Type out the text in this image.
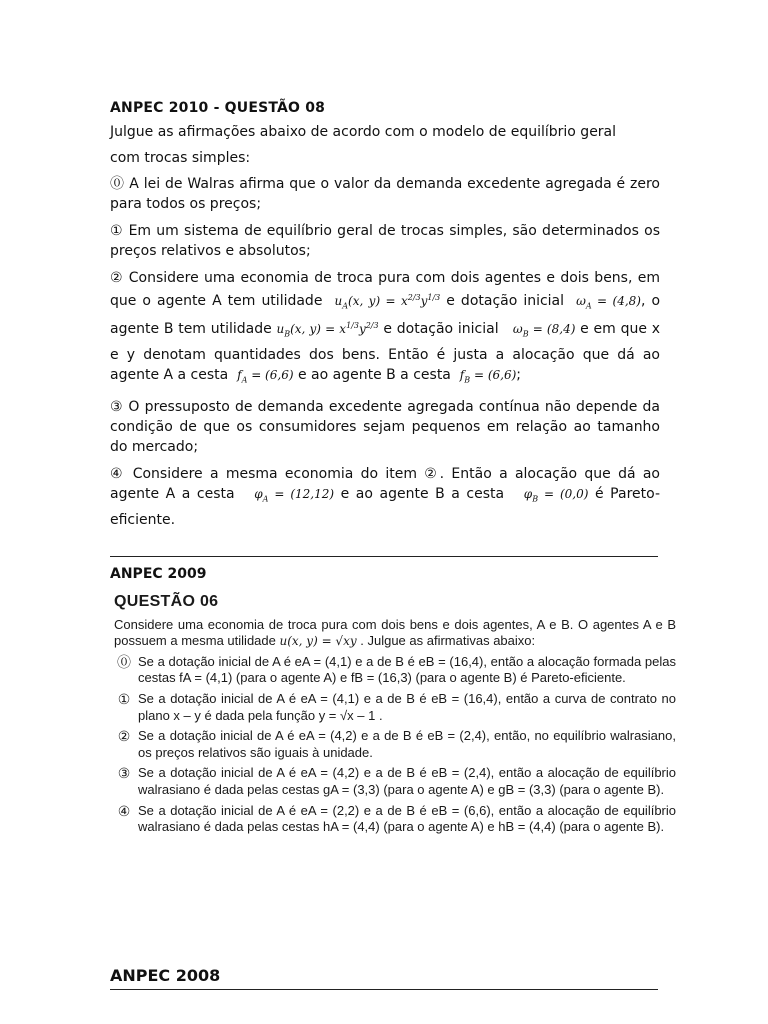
ANPEC 2010 - QUESTÃO 08

Julgue as afirmações abaixo de acordo com o modelo de equilíbrio geral

com trocas simples:

⓪ A lei de Walras afirma que o valor da demanda excedente agregada é zero para todos os preços;

① Em um sistema de equilíbrio geral de trocas simples, são determinados os preços relativos e absolutos;

② Considere uma economia de troca pura com dois agentes e dois bens, em que o agente A tem utilidade  $u_A(x$, $y) = x^{2/3}y^{1/3}$ e dotação inicial  $\omega_A = (4,8)$, o agente B tem utilidade $u_B(x$, $y) = x^{1/3}y^{2/3}$ e dotação inicial   $\omega_B = (8,4)$ e em que x e y denotam quantidades dos bens. Então é justa a alocação que dá ao agente A a cesta  $f_A = (6,6)$ e ao agente B a cesta  $f_B = (6,6)$;

③ O pressuposto de demanda excedente agregada contínua não depende da condição de que os consumidores sejam pequenos em relação ao tamanho do mercado;

④ Considere a mesma economia do item ②. Então a alocação que dá ao agente A a cesta   $\varphi_A = (12,12)$ e ao agente B a cesta   $\varphi_B = (0,0)$ é Pareto-eficiente.

ANPEC 2009
QUESTÃO 06

Considere uma economia de troca pura com dois bens e dois agentes, A e B. O agentes A e B possuem a mesma utilidade u(x, y) = √xy . Julgue as afirmativas abaixo:

⓪ Se a dotação inicial de A é eA = (4,1) e a de B é eB = (16,4), então a alocação formada pelas cestas fA = (4,1) (para o agente A) e fB = (16,3) (para o agente B) é Pareto-eficiente.
① Se a dotação inicial de A é eA = (4,1) e a de B é eB = (16,4), então a curva de contrato no plano x – y é dada pela função y = √x – 1 .
② Se a dotação inicial de A é eA = (4,2) e a de B é eB = (2,4), então, no equilíbrio walrasiano, os preços relativos são iguais à unidade.
③ Se a dotação inicial de A é eA = (4,2) e a de B é eB = (2,4), então a alocação de equilíbrio walrasiano é dada pelas cestas gA = (3,3) (para o agente A) e gB = (3,3) (para o agente B).
④ Se a dotação inicial de A é eA = (2,2) e a de B é eB = (6,6), então a alocação de equilíbrio walrasiano é dada pelas cestas hA = (4,4) (para o agente A) e hB = (4,4) (para o agente B).
ANPEC 2008
